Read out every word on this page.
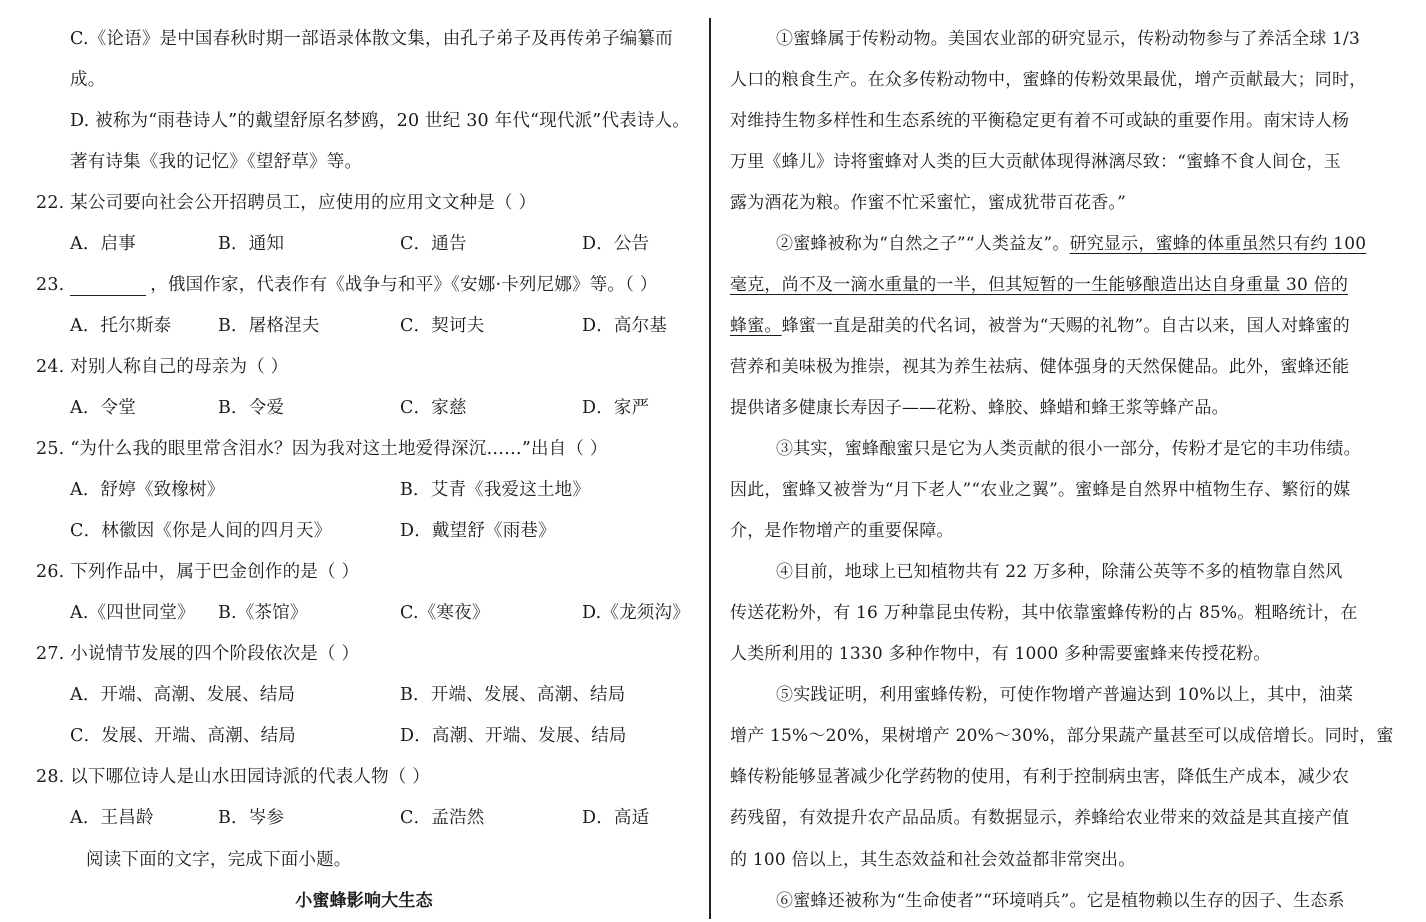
C.《论语》是中国春秋时期一部语录体散文集，由孔子弟子及再传弟子编纂而
成。
D. 被称为“雨巷诗人”的戴望舒原名梦鸥，20 世纪 30 年代“现代派”代表诗人。
著有诗集《我的记忆》《望舒草》等。
22. 某公司要向社会公开招聘员工，应使用的应用文文种是（ ）
A．启事	B．通知	C．通告	D．公告
23.	，俄国作家，代表作有《战争与和平》《安娜·卡列尼娜》等。（ ）
A．托尔斯泰	B．屠格涅夫	C．契诃夫	D．高尔基
24. 对别人称自己的母亲为（ ）
A．令堂	B．令爱	C．家慈	D．家严
25. “为什么我的眼里常含泪水？因为我对这土地爱得深沉……”出自（ ）
A．舒婷《致橡树》	B．艾青《我爱这土地》
C．林徽因《你是人间的四月天》	D．戴望舒《雨巷》
26. 下列作品中，属于巴金创作的是（ ）
A.《四世同堂》 B.《茶馆》	C.《寒夜》	D.《龙须沟》
27. 小说情节发展的四个阶段依次是（ ）
A．开端、高潮、发展、结局	B．开端、发展、高潮、结局
C．发展、开端、高潮、结局	D．高潮、开端、发展、结局
28. 以下哪位诗人是山水田园诗派的代表人物（ ）
A．王昌龄	B．岑参	C．孟浩然	D．高适
阅读下面的文字，完成下面小题。
小蜜蜂影响大生态
①蜜蜂属于传粉动物。美国农业部的研究显示，传粉动物参与了养活全球 1/3
人口的粮食生产。在众多传粉动物中，蜜蜂的传粉效果最优，增产贡献最大；同时，
对维持生物多样性和生态系统的平衡稳定更有着不可或缺的重要作用。南宋诗人杨
万里《蜂儿》诗将蜜蜂对人类的巨大贡献体现得淋漓尽致：“蜜蜂不食人间仓，玉
露为酒花为粮。作蜜不忙采蜜忙，蜜成犹带百花香。”
②蜜蜂被称为“自然之子”“人类益友”。研究显示，蜜蜂的体重虽然只有约 100
毫克，尚不及一滴水重量的一半，但其短暂的一生能够酿造出达自身重量 30 倍的
蜂蜜。蜂蜜一直是甜美的代名词，被誉为“天赐的礼物”。自古以来，国人对蜂蜜的
营养和美味极为推崇，视其为养生祛病、健体强身的天然保健品。此外，蜜蜂还能
提供诸多健康长寿因子——花粉、蜂胶、蜂蜡和蜂王浆等蜂产品。
③其实，蜜蜂酿蜜只是它为人类贡献的很小一部分，传粉才是它的丰功伟绩。
因此，蜜蜂又被誉为“月下老人”“农业之翼”。蜜蜂是自然界中植物生存、繁衍的媒
介，是作物增产的重要保障。
④目前，地球上已知植物共有 22 万多种，除蒲公英等不多的植物靠自然风
传送花粉外，有 16 万种靠昆虫传粉，其中依靠蜜蜂传粉的占 85%。粗略统计，在
人类所利用的 1330 多种作物中，有 1000 多种需要蜜蜂来传授花粉。
⑤实践证明，利用蜜蜂传粉，可使作物增产普遍达到 10%以上，其中，油菜
增产 15%～20%，果树增产 20%～30%，部分果蔬产量甚至可以成倍增长。同时，蜜
蜂传粉能够显著减少化学药物的使用，有利于控制病虫害，降低生产成本，减少农
药残留，有效提升农产品品质。有数据显示，养蜂给农业带来的效益是其直接产值
的 100 倍以上，其生态效益和社会效益都非常突出。
⑥蜜蜂还被称为“生命使者”“环境哨兵”。它是植物赖以生存的因子、生态系
